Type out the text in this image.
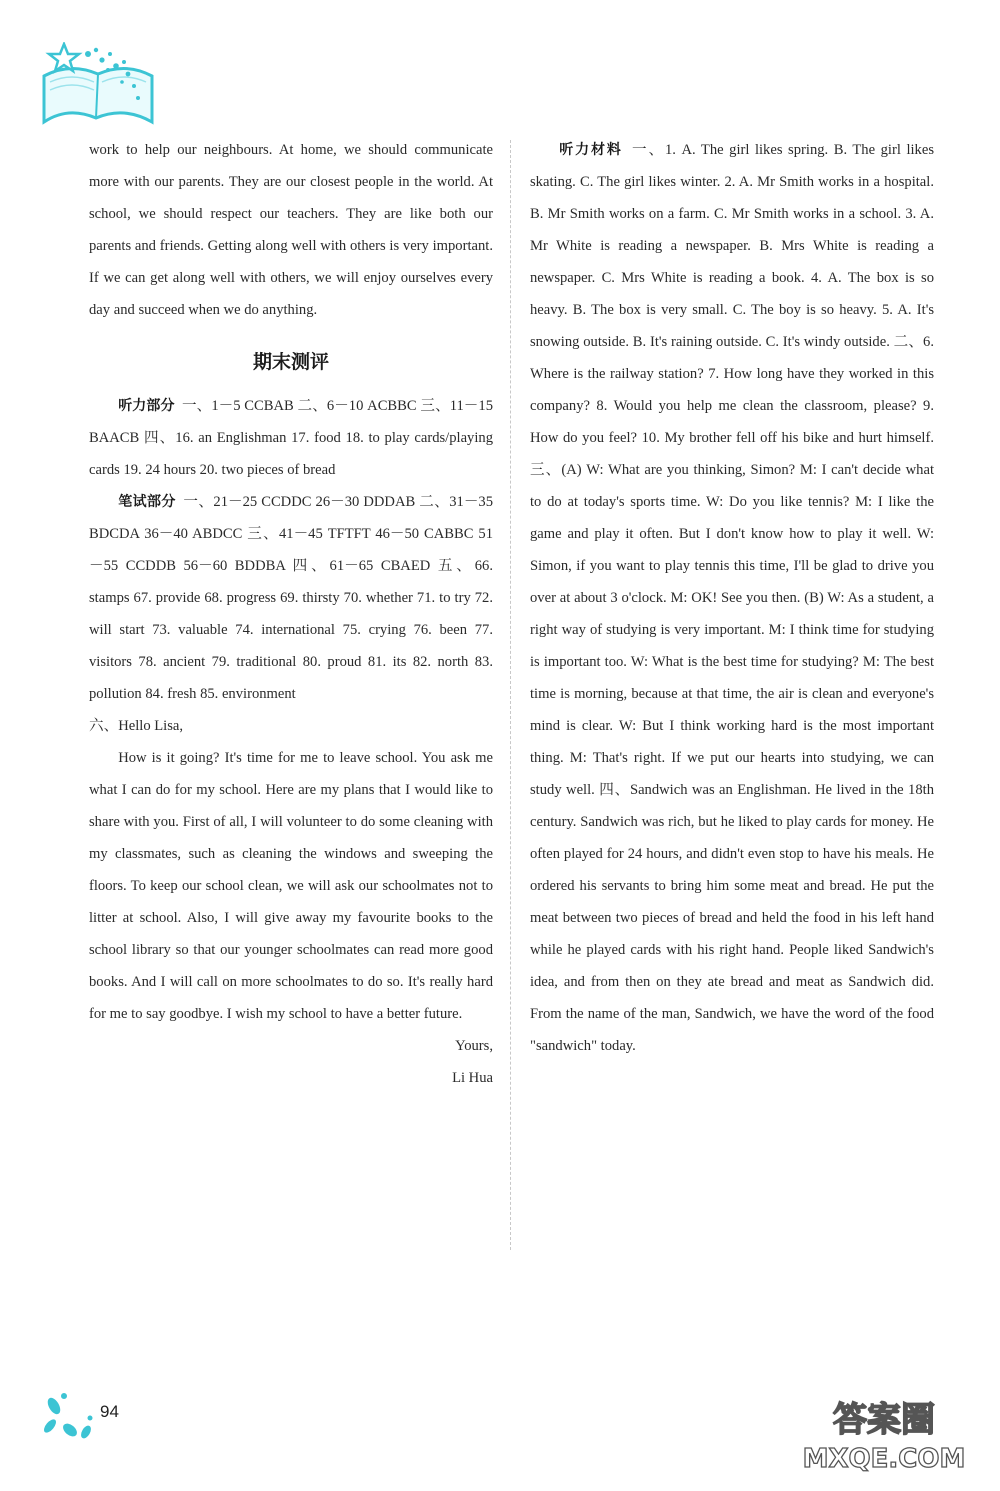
work to help our neighbours. At home, we should communicate more with our parents. They are our closest people in the world. At school, we should respect our teachers. They are like both our parents and friends. Getting along well with others is very important. If we can get along well with others, we will enjoy ourselves every day and succeed when we do anything.

期末测评

听力部分  一、1－5 CCBAB 二、6－10 ACBBC 三、11－15 BAACB 四、16. an Englishman 17. food 18. to play cards/playing cards 19. 24 hours 20. two pieces of bread

笔试部分  一、21－25 CCDDC 26－30 DDDAB 二、31－35 BDCDA 36－40 ABDCC 三、41－45 TFTFT 46－50 CABBC 51－55 CCDDB 56－60 BDDBA 四、61－65 CBAED 五、66. stamps 67. provide 68. progress 69. thirsty 70. whether 71. to try 72. will start 73. valuable 74. international 75. crying 76. been 77. visitors 78. ancient 79. traditional 80. proud 81. its 82. north 83. pollution 84. fresh 85. environment

六、Hello Lisa,

How is it going? It's time for me to leave school. You ask me what I can do for my school. Here are my plans that I would like to share with you. First of all, I will volunteer to do some cleaning with my classmates, such as cleaning the windows and sweeping the floors. To keep our school clean, we will ask our schoolmates not to litter at school. Also, I will give away my favourite books to the school library so that our younger schoolmates can read more good books. And I will call on more schoolmates to do so. It's really hard for me to say goodbye. I wish my school to have a better future.

Yours,

Li Hua

听力材料  一、1. A. The girl likes spring. B. The girl likes skating. C. The girl likes winter. 2. A. Mr Smith works in a hospital. B. Mr Smith works on a farm. C. Mr Smith works in a school. 3. A. Mr White is reading a newspaper. B. Mrs White is reading a newspaper. C. Mrs White is reading a book. 4. A. The box is so heavy. B. The box is very small. C. The boy is so heavy. 5. A. It's snowing outside. B. It's raining outside. C. It's windy outside. 二、6. Where is the railway station? 7. How long have they worked in this company? 8. Would you help me clean the classroom, please? 9. How do you feel? 10. My brother fell off his bike and hurt himself. 三、(A) W: What are you thinking, Simon? M: I can't decide what to do at today's sports time. W: Do you like tennis? M: I like the game and play it often. But I don't know how to play it well. W: Simon, if you want to play tennis this time, I'll be glad to drive you over at about 3 o'clock. M: OK! See you then. (B) W: As a student, a right way of studying is very important. M: I think time for studying is important too. W: What is the best time for studying? M: The best time is morning, because at that time, the air is clean and everyone's mind is clear. W: But I think working hard is the most important thing. M: That's right. If we put our hearts into studying, we can study well. 四、Sandwich was an Englishman. He lived in the 18th century. Sandwich was rich, but he liked to play cards for money. He often played for 24 hours, and didn't even stop to have his meals. He ordered his servants to bring him some meat and bread. He put the meat between two pieces of bread and held the food in his left hand while he played cards with his right hand. People liked Sandwich's idea, and from then on they ate bread and meat as Sandwich did. From the name of the man, Sandwich, we have the word of the food "sandwich" today.

94	答案圈
MXQE.COM
